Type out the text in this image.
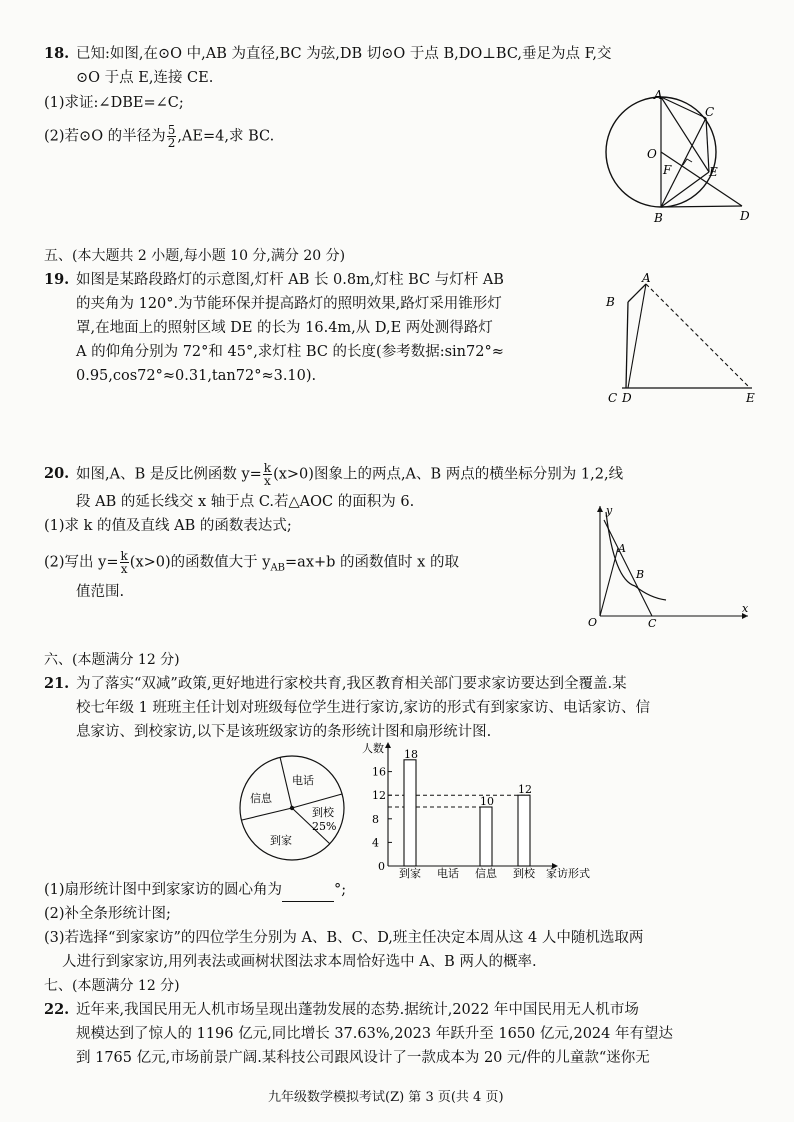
18. 已知:如图,在⊙O 中,AB 为直径,BC 为弦,DB 切⊙O 于点 B,DO⊥BC,垂足为点 F,交
⊙O 于点 E,连接 CE.
(1)求证:∠DBE=∠C;
(2)若⊙O 的半径为 $\frac{5}{2} ,AE=4$,求 BC.
A
C
O
F	E
B	D
五、(本大题共 2 小题,每小题 10 分,满分 20 分)
19. 如图是某路段路灯的示意图,灯杆 AB 长 0.8m,灯柱 BC 与灯杆 AB
的夹角为 120°.为节能环保并提高路灯的照明效果,路灯采用锥形灯
罩,在地面上的照射区域 DE 的长为 16.4m,从 D,E 两处测得路灯
A 的仰角分别为 72°和 45°,求灯柱 BC 的长度(参考数据:sin72°≈
0.95,cos72°≈0.31,tan72°≈3.10).
A
B
C D	E
20. 如图,A、B 是反比例函数 $y= \frac{k}{x} (x>0)$图象上的两点,A、B 两点的横坐标分别为 1,2,线
段 AB 的延长线交 x 轴于点 C.若△AOC 的面积为 6.
(1)求 k 的值及直线 AB 的函数表达式;
(2)写出 $y= \frac{k}{x} (x>0)$的函数值大于 $y_{AB}=ax+b$ 的函数值时 x 的取
值范围.
y
x
A
B
O	C
六、(本题满分 12 分)
21. 为了落实“双减”政策,更好地进行家校共育,我区教育相关部门要求家访要达到全覆盖.某
校七年级 1 班班主任计划对班级每位学生进行家访,家访的形式有到家家访、电话家访、信
息家访、到校家访,以下是该班级家访的条形统计图和扇形统计图.
电话
信息
到校
25%
到家
人数
家访形式
0
4
8
12
16
18
到家 电话
10
信息
12
到校
(1)扇形统计图中到家家访的圆心角为	°;
(2)补全条形统计图;
(3)若选择“到家家访”的四位学生分别为 A、B、C、D,班主任决定本周从这 4 人中随机选取两
人进行到家家访,用列表法或画树状图法求本周恰好选中 A、B 两人的概率.
七、(本题满分 12 分)
22. 近年来,我国民用无人机市场呈现出蓬勃发展的态势.据统计,2022 年中国民用无人机市场
规模达到了惊人的 1196 亿元,同比增长 37.63%,2023 年跃升至 1650 亿元,2024 年有望达
到 1765 亿元,市场前景广阔.某科技公司跟风设计了一款成本为 20 元/件的儿童款“迷你无
九年级数学模拟考试(Z) 第 3 页(共 4 页)
